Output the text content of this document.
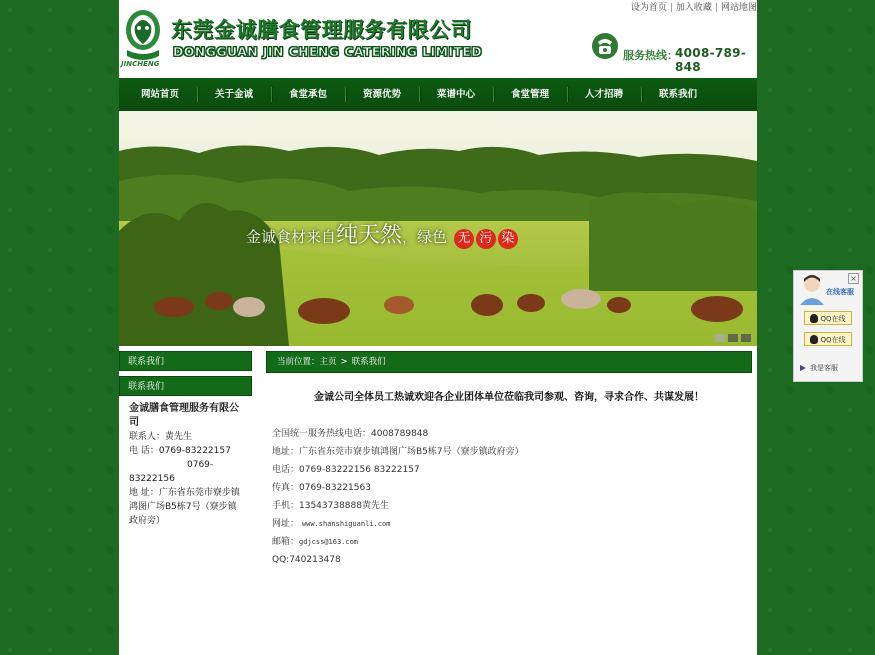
JINCHENG
东莞金诚膳食管理服务有限公司
DONGGUAN JIN CHENG CATERING LIMITED
设为首页 | 加入收藏 | 网站地图
服务热线：
4008-789-848
网站首页	关于金诚	食堂承包	资源优势	菜谱中心	食堂管理	人才招聘	联系我们
金诚食材来自纯天然，绿色 无 污 染
联系我们
联系我们
金诚膳食管理服务有限公司
联系人：黄先生
电 话：0769-83222157
0769-
83222156
地 址：广东省东莞市寮步镇鸿图广场B5栋7号（寮步镇政府旁）
当前位置：主页 > 联系我们
金诚公司全体员工热诚欢迎各企业团体单位莅临我司参观、咨询，寻求合作、共谋发展！
全国统一服务热线电话：4008789848
地址：广东省东莞市寮步镇鸿图广场B5栋7号（寮步镇政府旁）
电话：0769-83222156 83222157
传真：0769-83221563
手机：13543738888黄先生
网址： www.shanshiguanli.com
邮箱：gdjcss@163.com
QQ:740213478
×
在线客服
QQ在线
QQ在线
我是客服
